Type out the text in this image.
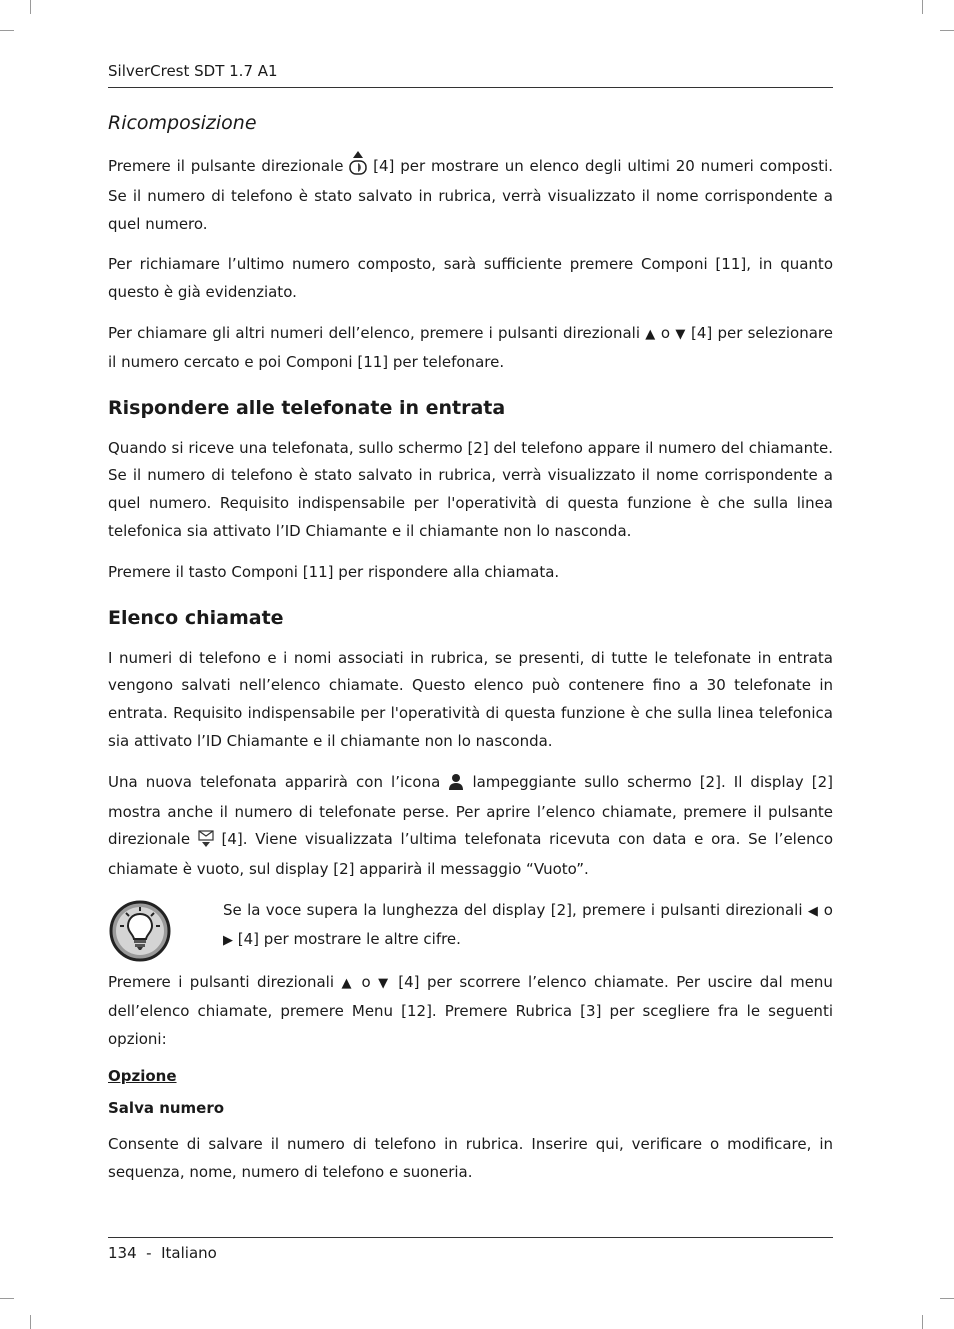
SilverCrest SDT 1.7 A1
Ricomposizione

Premere il pulsante direzionale [4] per mostrare un elenco degli ultimi 20 numeri composti. Se il numero di telefono è stato salvato in rubrica, verrà visualizzato il nome corrispondente a quel numero.

Per richiamare l’ultimo numero composto, sarà sufficiente premere Componi [11], in quanto questo è già evidenziato.

Per chiamare gli altri numeri dell’elenco, premere i pulsanti direzionali ▲ o ▼ [4] per selezionare il numero cercato e poi Componi [11] per telefonare.

Rispondere alle telefonate in entrata

Quando si riceve una telefonata, sullo schermo [2] del telefono appare il numero del chiamante. Se il numero di telefono è stato salvato in rubrica, verrà visualizzato il nome corrispondente a quel numero. Requisito indispensabile per l'operatività di questa funzione è che sulla linea telefonica sia attivato l’ID Chiamante e il chiamante non lo nasconda.

Premere il tasto Componi [11] per rispondere alla chiamata.

Elenco chiamate

I numeri di telefono e i nomi associati in rubrica, se presenti, di tutte le telefonate in entrata vengono salvati nell’elenco chiamate. Questo elenco può contenere fino a 30 telefonate in entrata. Requisito indispensabile per l'operatività di questa funzione è che sulla linea telefonica sia attivato l’ID Chiamante e il chiamante non lo nasconda.

Una nuova telefonata apparirà con l’icona lampeggiante sullo schermo [2]. Il display [2] mostra anche il numero di telefonate perse. Per aprire l’elenco chiamate, premere il pulsante direzionale [4]. Viene visualizzata l’ultima telefonata ricevuta con data e ora. Se l’elenco chiamate è vuoto, sul display [2] apparirà il messaggio “Vuoto”.

Se la voce supera la lunghezza del display [2], premere i pulsanti direzionali ◀ o ▶ [4] per mostrare le altre cifre.

Premere i pulsanti direzionali ▲ o ▼ [4] per scorrere l’elenco chiamate. Per uscire dal menu dell’elenco chiamate, premere Menu [12]. Premere Rubrica [3] per scegliere fra le seguenti opzioni:

Opzione
Salva numero

Consente di salvare il numero di telefono in rubrica. Inserire qui, verificare o modificare, in sequenza, nome, numero di telefono e suoneria.

134  -  Italiano
